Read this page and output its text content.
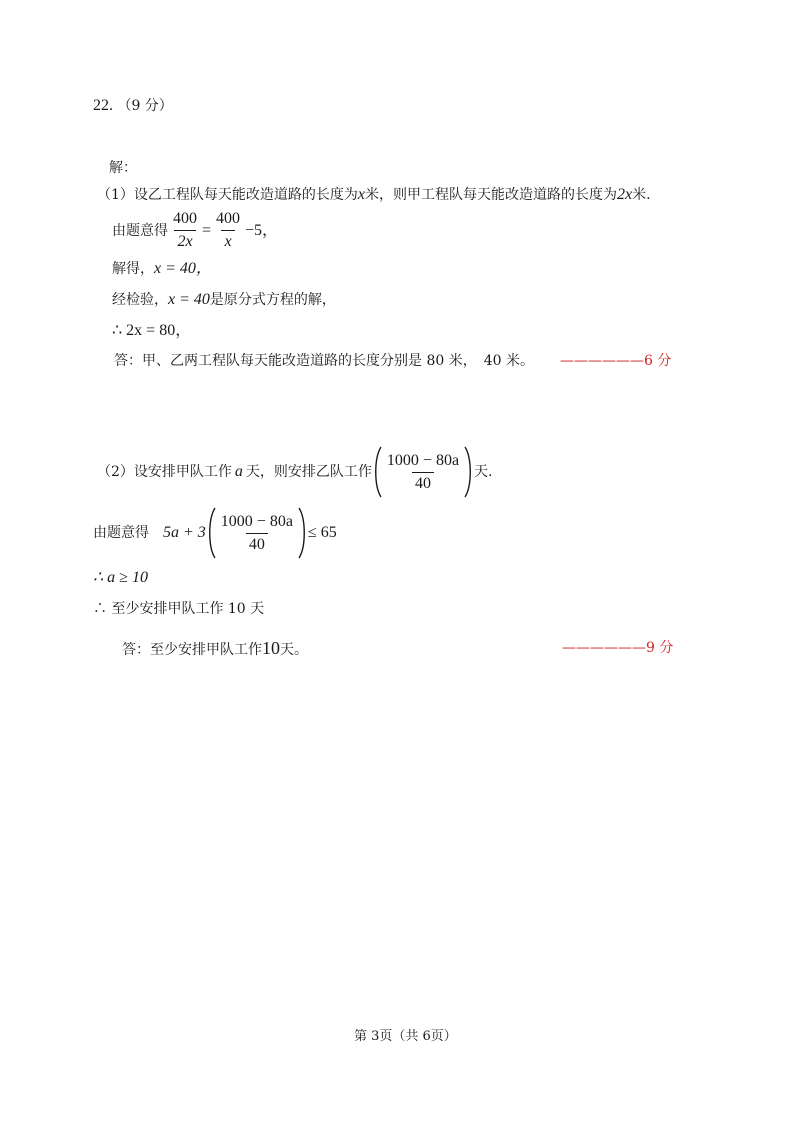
22. （9 分）
解：
（1）设乙工程队每天能改造道路的长度为x米，则甲工程队每天能改造道路的长度为2x米.
由题意得 $\frac{400}{2x} = \frac{400}{x} -5$，
解得，x = 40，
经检验，x = 40是原分式方程的解，
∴ 2x = 80，
答：甲、乙两工程队每天能改造道路的长度分别是 80 米，　40 米。 ——————6 分
（2）设安排甲队工作 a 天，则安排乙队工作 $\frac{1000 - 80a}{40}$ 天.
由题意得 $5a + 3 \frac{1000 - 80a}{40} \le 65$
∴ a ≥ 10
∴ 至少安排甲队工作 10 天
答：至少安排甲队工作10天。	——————9 分
第 3页（共 6页）
